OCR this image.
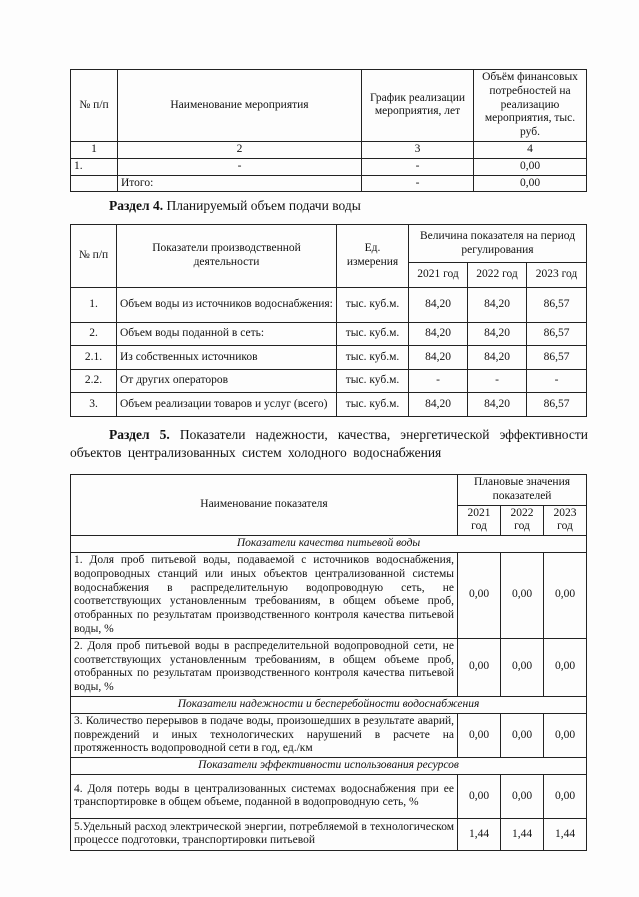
№ п/п	Наименование мероприятия	График реализации мероприятия, лет	Объём финансовых потребностей на реализацию мероприятия, тыс. руб.
1	2	3	4
1.	-	-	0,00
	Итого:	-	0,00
Раздел 4. Планируемый объем подачи воды
№ п/п	Показатели производственной деятельности	Ед. измерения	Величина показателя на период регулирования		
			2021 год	2022 год	2023 год
1.	Объем воды из источников водоснабжения:	тыс. куб.м.	84,20	84,20	86,57
2.	Объем воды поданной в сеть:	тыс. куб.м.	84,20	84,20	86,57
2.1.	Из собственных источников	тыс. куб.м.	84,20	84,20	86,57
2.2.	От других операторов	тыс. куб.м.	-	-	-
3.	Объем реализации товаров и услуг (всего)	тыс. куб.м.	84,20	84,20	86,57
Раздел 5. Показатели надежности, качества, энергетической эффективности объектов централизованных систем холодного водоснабжения
Наименование показателя	Плановые значения показателей		
	2021 год	2022 год	2023 год
Показатели качества питьевой воды			
1. Доля проб питьевой воды, подаваемой с источников водоснабжения, водопроводных станций или иных объектов централизованной системы водоснабжения в распределительную водопроводную сеть, не соответствующих установленным требованиям, в общем объеме проб, отобранных по результатам производственного контроля качества питьевой воды, %	0,00	0,00	0,00
2. Доля проб питьевой воды в распределительной водопроводной сети, не соответствующих установленным требованиям, в общем объеме проб, отобранных по результатам производственного контроля качества питьевой воды, %	0,00	0,00	0,00
Показатели надежности и бесперебойности водоснабжения			
3. Количество перерывов в подаче воды, произошедших в результате аварий, повреждений и иных технологических нарушений в расчете на протяженность водопроводной сети в год, ед./км	0,00	0,00	0,00
Показатели эффективности использования ресурсов			
4. Доля потерь воды в централизованных системах водоснабжения при ее транспортировке в общем объеме, поданной в водопроводную сеть, %	0,00	0,00	0,00
5.Удельный расход электрической энергии, потребляемой в технологическом процессе подготовки, транспортировки питьевой	1,44	1,44	1,44
